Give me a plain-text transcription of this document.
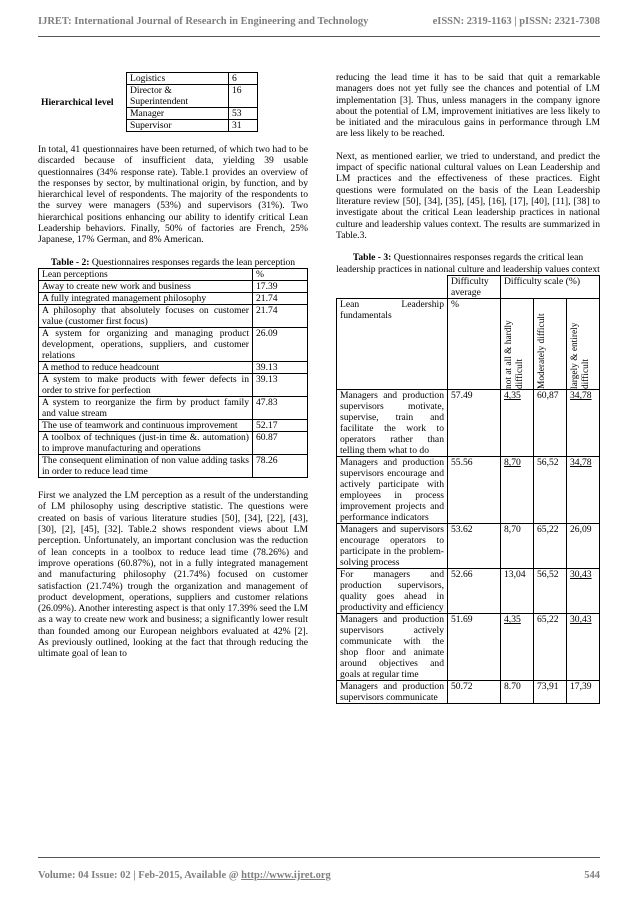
IJRET: International Journal of Research in Engineering and Technology	eISSN: 2319-1163 | pISSN: 2321-7308
Hierarchical level	Logistics	6
	Director & Superintendent	16
	Manager	53
	Supervisor	31

In total, 41 questionnaires have been returned, of which two had to be discarded because of insufficient data, yielding 39 usable questionnaires (34% response rate). Table.1 provides an overview of the responses by sector, by multinational origin, by function, and by hierarchical level of respondents. The majority of the respondents to the survey were managers (53%) and supervisors (31%). Two hierarchical positions enhancing our ability to identify critical Lean Leadership behaviors. Finally, 50% of factories are French, 25% Japanese, 17% German, and 8% American.

Table - 2: Questionnaires responses regards the lean perception
Lean perceptions	%
Away to create new work and business	17.39
A fully integrated management philosophy	21.74
A philosophy that absolutely focuses on customer value (customer first focus)	21.74
A system for organizing and managing product development, operations, suppliers, and customer relations	26.09
A method to reduce headcount	39.13
A system to make products with fewer defects in order to strive for perfection	39.13
A system to reorganize the firm by product family and value stream	47.83
The use of teamwork and continuous improvement	52.17
A toolbox of techniques (just-in time &. automation) to improve manufacturing and operations	60.87
The consequent elimination of non value adding tasks in order to reduce lead time	78.26

First we analyzed the LM perception as a result of the understanding of LM philosophy using descriptive statistic. The questions were created on basis of various literature studies [50], [34], [22], [43], [30], [2], [45], [32]. Table.2 shows respondent views about LM perception. Unfortunately, an important conclusion was the reduction of lean concepts in a toolbox to reduce lead time (78.26%) and improve operations (60.87%), not in a fully integrated management and manufacturing philosophy (21.74%) focused on customer satisfaction (21.74%) trough the organization and management of product development, operations, suppliers and customer relations (26.09%). Another interesting aspect is that only 17.39% seed the LM as a way to create new work and business; a significantly lower result than founded among our European neighbors evaluated at 42% [2]. As previously outlined, looking at the fact that through reducing the ultimate goal of lean to

reducing the lead time it has to be said that quit a remarkable managers does not yet fully see the chances and potential of LM implementation [3]. Thus, unless managers in the company ignore about the potential of LM, improvement initiatives are less likely to be initiated and the miraculous gains in performance through LM are less likely to be reached.

Next, as mentioned earlier, we tried to understand, and predict the impact of specific national cultural values on Lean Leadership and LM practices and the effectiveness of these practices. Eight questions were formulated on the basis of the Lean Leadership literature review [50], [34], [35], [45], [16], [17], [40], [11], [38] to investigate about the critical Lean leadership practices in national culture and leadership values context. The results are summarized in Table.3.

Table - 3: Questionnaires responses regards the critical lean leadership practices in national culture and leadership values context
	Difficulty average	Difficulty scale (%)		
Lean Leadership fundamentals	%	not at all & hardly difficult	Moderately difficult	largely & entirely difficult

Managers and production supervisors motivate, supervise, train and facilitate the work to operators rather than telling them what to do	57.49	4,35	60,87	34,78
Managers and production supervisors encourage and actively participate with employees in process improvement projects and performance indicators	55.56	8,70	56,52	34,78
Managers and supervisors encourage operators to participate in the problem-solving process	53.62	8,70	65,22	26,09
For managers and production supervisors, quality goes ahead in productivity and efficiency	52.66	13,04	56,52	30,43
Managers and production supervisors actively communicate with the shop floor and animate around objectives and goals at regular time	51.69	4,35	65,22	30,43
Managers and production supervisors communicate	50.72	8.70	73,91	17,39
Volume: 04 Issue: 02 | Feb-2015, Available @ http://www.ijret.org	544
